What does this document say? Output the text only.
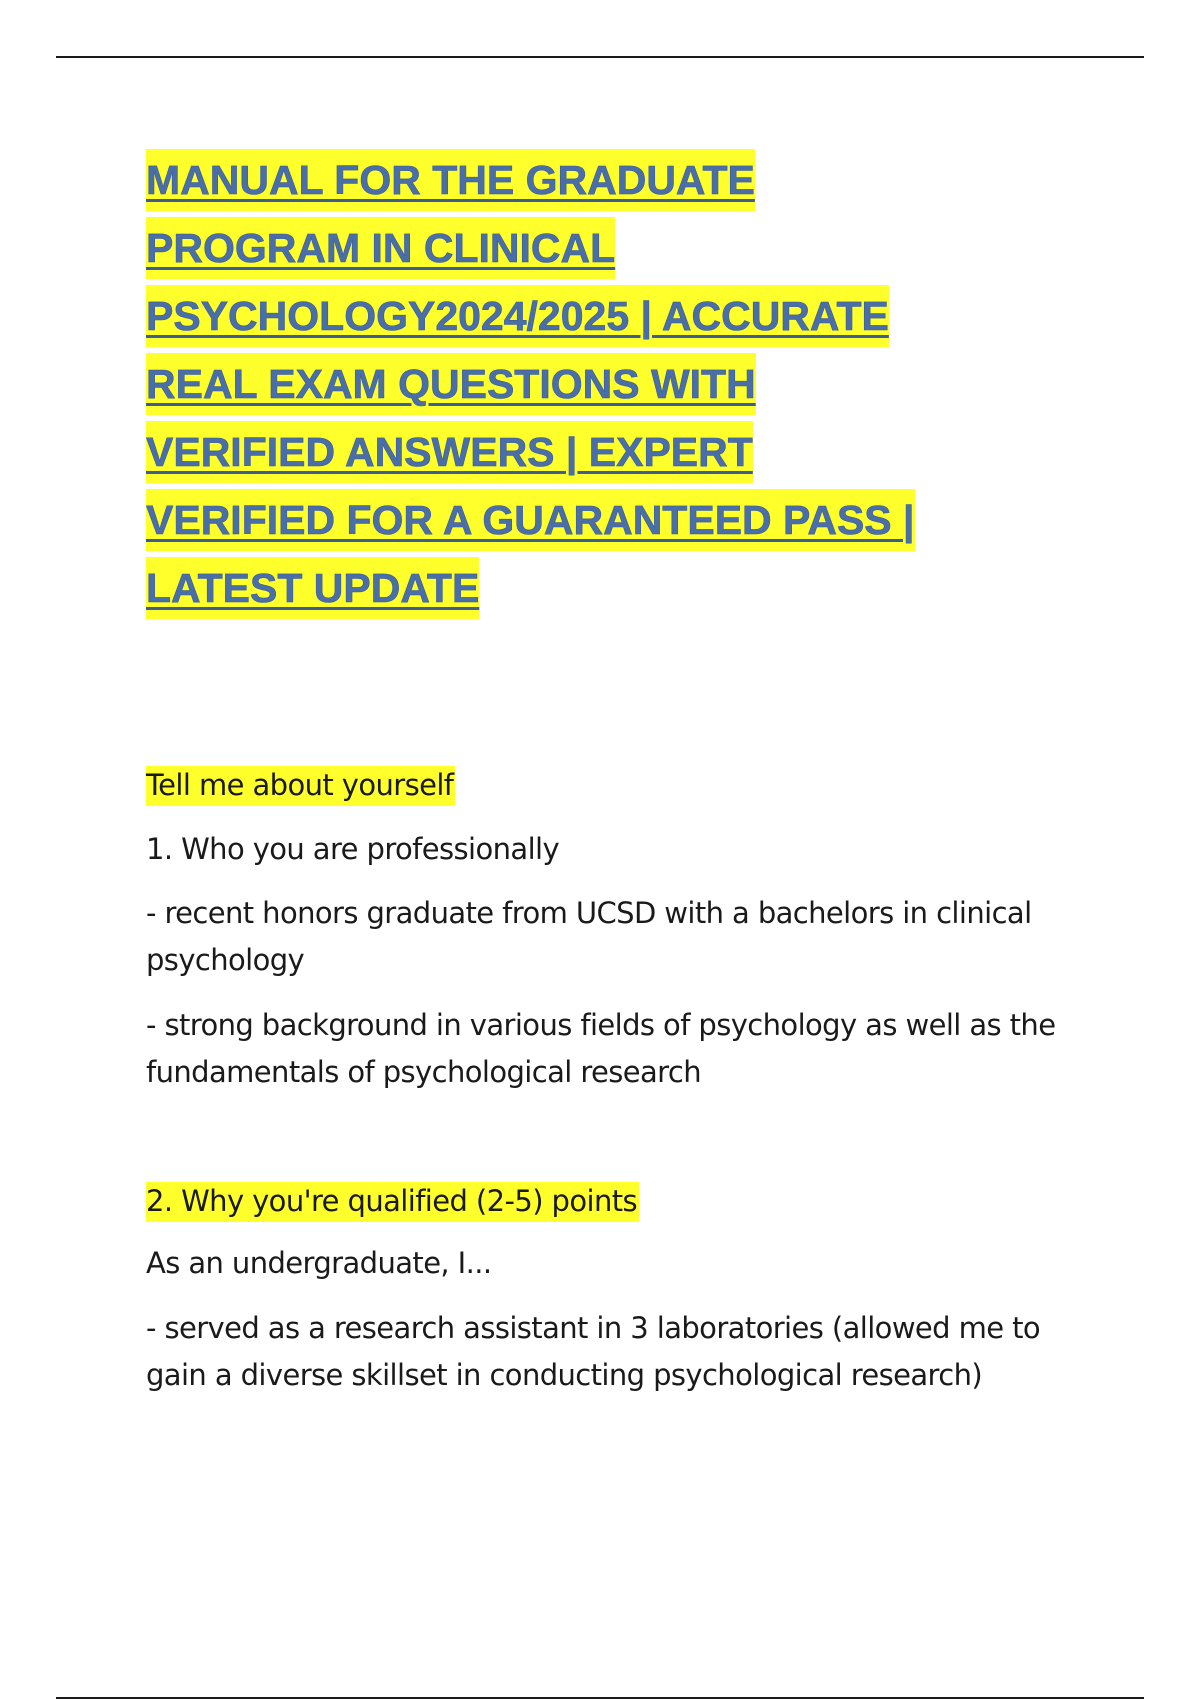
MANUAL FOR THE GRADUATE
PROGRAM IN CLINICAL
PSYCHOLOGY2024/2025 | ACCURATE
REAL EXAM QUESTIONS WITH
VERIFIED ANSWERS | EXPERT
VERIFIED FOR A GUARANTEED PASS |
LATEST UPDATE

Tell me about yourself

1. Who you are professionally

- recent honors graduate from UCSD with a bachelors in clinical psychology

- strong background in various fields of psychology as well as the fundamentals of psychological research

2. Why you're qualified (2-5) points

As an undergraduate, I...

- served as a research assistant in 3 laboratories (allowed me to gain a diverse skillset in conducting psychological research)
